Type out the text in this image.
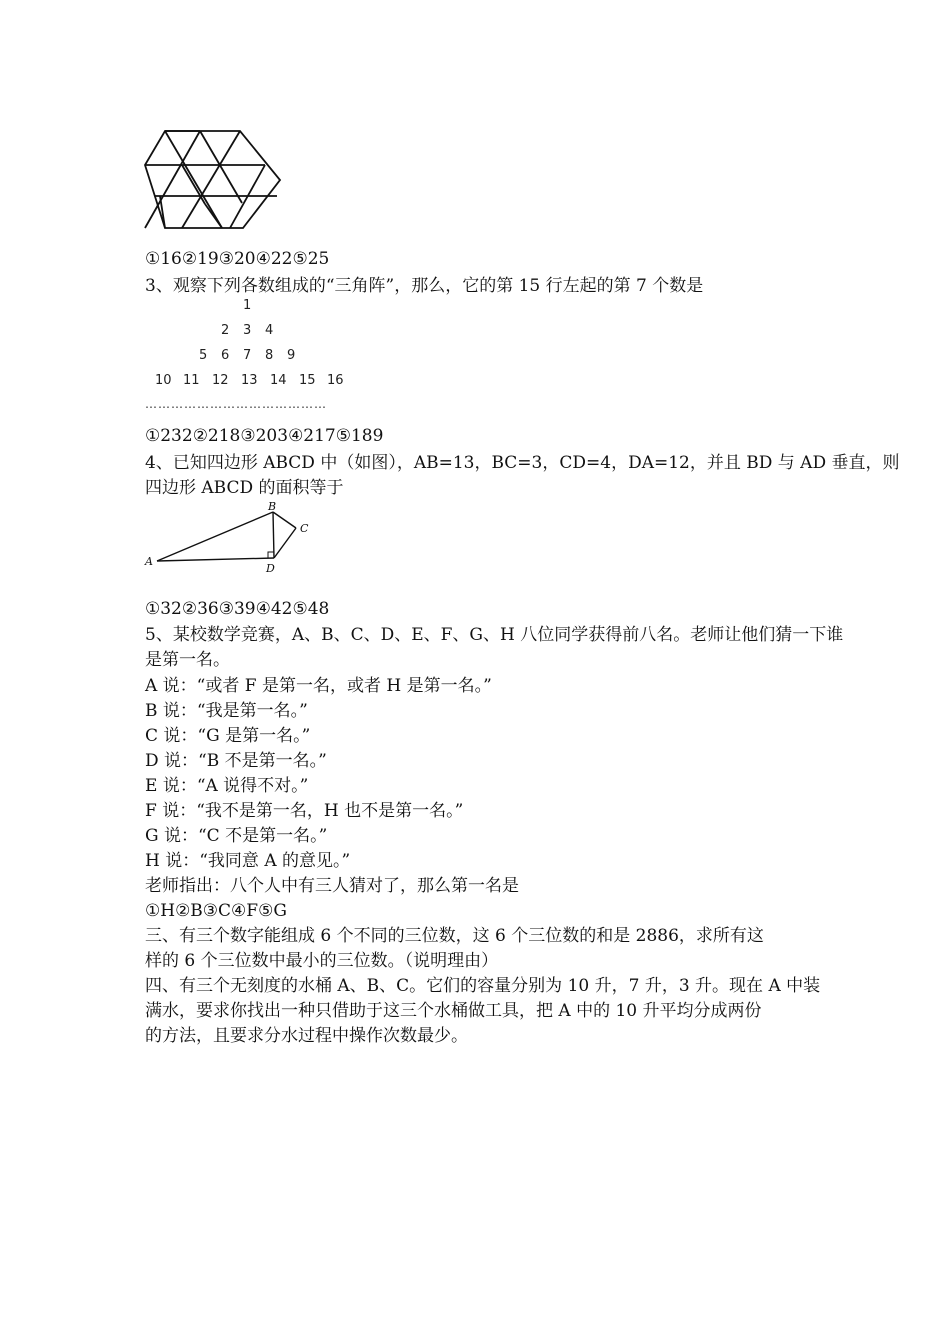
①16②19③20④22⑤25
3、观察下列各数组成的“三角阵”，那么，它的第 15 行左起的第 7 个数是
1
2 3 4
5 6 7 8 9
10 11 12 13 14 15 16
……………………………………
①232②218③203④217⑤189
4、已知四边形 ABCD 中（如图），AB=13，BC=3，CD=4，DA=12，并且 BD 与 AD 垂直，则
四边形 ABCD 的面积等于
A
B
C
D
①32②36③39④42⑤48
5、某校数学竞赛，A、B、C、D、E、F、G、H 八位同学获得前八名。老师让他们猜一下谁
是第一名。
A 说：“或者 F 是第一名，或者 H 是第一名。”
B 说：“我是第一名。”
C 说：“G 是第一名。”
D 说：“B 不是第一名。”
E 说：“A 说得不对。”
F 说：“我不是第一名，H 也不是第一名。”
G 说：“C 不是第一名。”
H 说：“我同意 A 的意见。”
老师指出：八个人中有三人猜对了，那么第一名是
①H②B③C④F⑤G
三、有三个数字能组成 6 个不同的三位数，这 6 个三位数的和是 2886，求所有这
样的 6 个三位数中最小的三位数。（说明理由）
四、有三个无刻度的水桶 A、B、C。它们的容量分别为 10 升，7 升，3 升。现在 A 中装
满水，要求你找出一种只借助于这三个水桶做工具，把 A 中的 10 升平均分成两份
的方法，且要求分水过程中操作次数最少。
